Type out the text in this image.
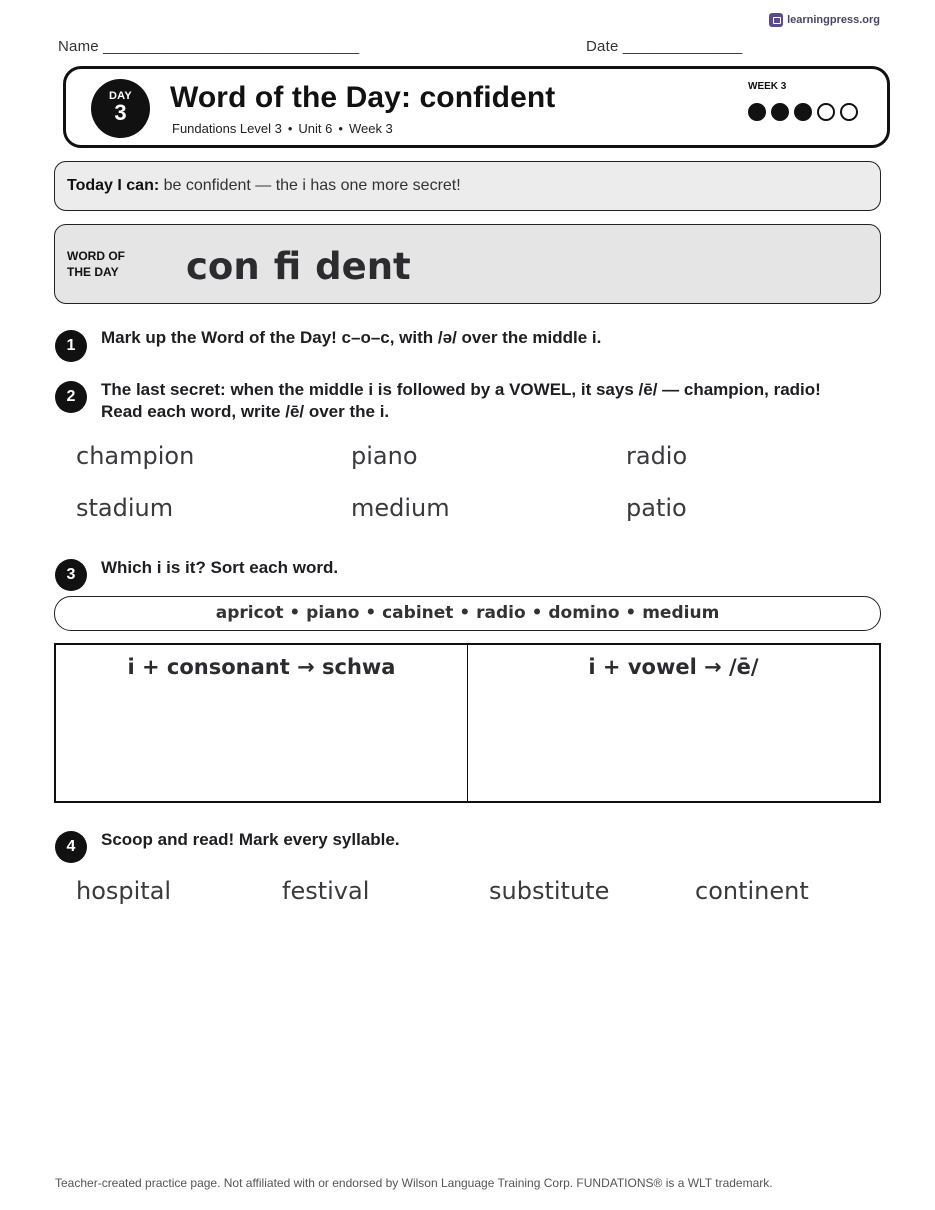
learningpress.org
Name ______________________________	Date ______________
DAY
3	Word of the Day: confident
Fundations Level 3 • Unit 6 • Week 3
WEEK 3
Today I can: be confident — the i has one more secret!
WORD OF
THE DAY con fi dent
1	Mark up the Word of the Day! c–o–c, with /ə/ over the middle i.
2	The last secret: when the middle i is followed by a VOWEL, it says /ē/ — champion, radio! Read each word, write /ē/ over the i.
champion	piano	radio
stadium	medium	patio
3	Which i is it? Sort each word.
apricot • piano • cabinet • radio • domino • medium
i + consonant → schwa	i + vowel → /ē/
4	Scoop and read! Mark every syllable.
hospital	festival	substitute	continent
Teacher-created practice page. Not affiliated with or endorsed by Wilson Language Training Corp. FUNDATIONS® is a WLT trademark.
